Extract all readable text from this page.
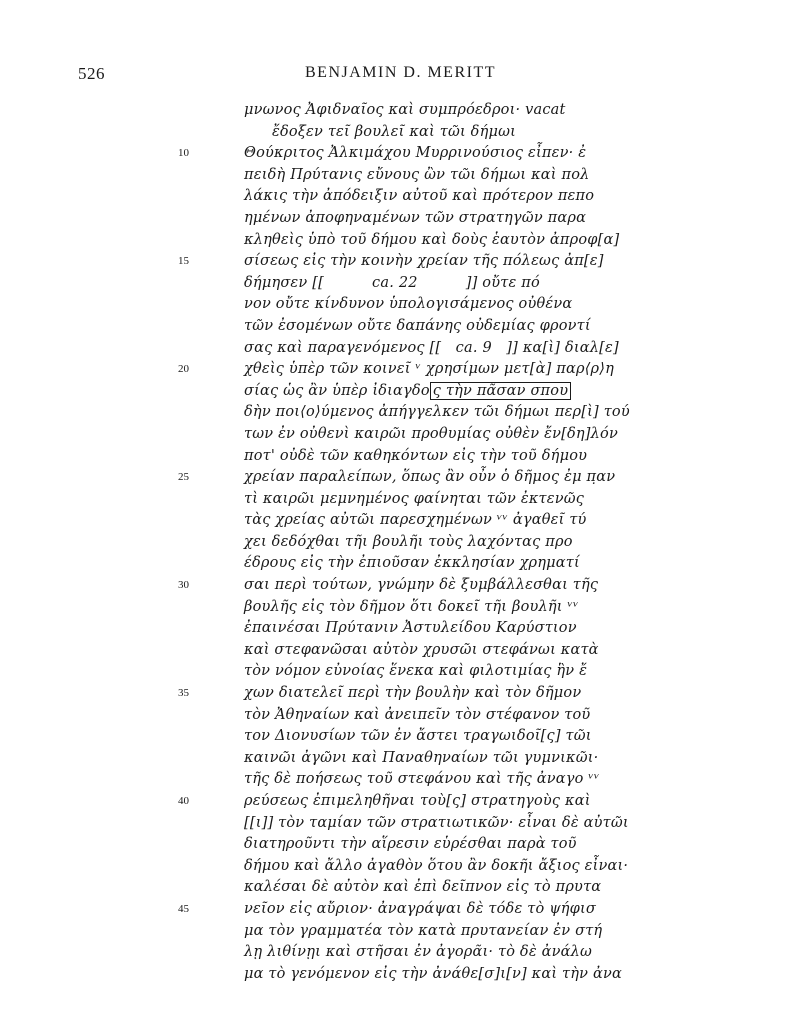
526	BENJAMIN D. MERITT
μνωνος Ἀφιδναῖος καὶ συμπρόεδροι· vacat
ἔδοξεν τεῖ βουλεῖ καὶ τῶι δήμωι
10	Θούκριτος Ἀλκιμάχου Μυρρινούσιος εἶπεν· ἐ
πειδὴ Πρύτανις εὔνους ὢν τῶι δήμωι καὶ πολ
λάκις τὴν ἀπόδειξιν αὐτοῦ καὶ πρότερον πεπο
ημένων ἀποφηναμένων τῶν στρατηγῶν παρα
κληθεὶς ὑπὸ τοῦ δήμου καὶ δοὺς ἑαυτὸν ἀπροφ[α]
15	σίσεως εἰς τὴν κοινὴν χρείαν τῆς πόλεως ἀπ[ε]
δήμησεν [[          ca. 22          ]] οὔτε πό
νον οὔτε κίνδυνον ὑπολογισάμενος οὐθένα
τῶν ἐσομένων οὔτε δαπάνης οὐδεμίας φροντί
σας καὶ παραγενόμενος [[   ca. 9   ]] κα[ὶ] διαλ[ε]
20	χθεὶς ὑπὲρ τῶν κοινεῖ ᵛ χρησίμων μετ[ὰ] παρ⟨ρ⟩η
σίας ὡς ἂν ὑπὲρ ἰδιαγδο ς τὴν πᾶσαν σπου
δὴν ποι⟨ο⟩ύμενος ἀπήγγελκεν τῶι δήμωι περ[ὶ] τού
των ἐν οὐθενὶ καιρῶι προθυμίας οὐθὲν ἔν[δη]λόν
ποτ' οὐδὲ τῶν καθηκόντων εἰς τὴν τοῦ δήμου
25	χρείαν παραλείπων, ὅπως ἂν οὖν ὁ δῆμος ἐμ π̣αν
τὶ καιρῶι μεμνημένος φαίνηται τῶν ἐκτενῶς
τὰς χρείας αὐτῶι παρεσχημένων ᵛᵛ ἀγαθεῖ τύ
χει δεδόχθαι τῆι βουλῆι τοὺς λαχόντας προ
έδρους εἰς τὴν ἐπιοῦσαν ἐκκλησίαν χρηματί
30	σαι περὶ τούτων, γνώμην δὲ ξυμβάλλεσθαι τῆς
βουλῆς εἰς τὸν δῆμον ὅτι δοκεῖ τῆι βουλῆι ᵛᵛ
ἐπαινέσαι Πρύτανιν Ἀστυλείδου Καρύστιον
καὶ στεφανῶσαι αὐτὸν χρυσῶι στεφάνωι κατὰ
τὸν νόμον εὐνοίας ἕνεκα καὶ φιλοτιμίας ἣν ἔ
35	χων διατελεῖ περὶ τὴν βουλὴν καὶ τὸν δῆμον
τὸν Ἀθηναίων καὶ ἀνειπεῖν τὸν στέφανον τοῦ
τον Διονυσίων τῶν ἐν ἄστει τραγωιδοῖ[ς] τῶι
καινῶι ἀγῶνι καὶ Παναθηναίων τῶι γυμνικῶι·
τῆς δὲ ποήσεως τοῦ στεφάνου καὶ τῆς ἀναγο ᵛᵛ
40	ρεύσεως ἐπιμεληθῆναι τοὺ[ς] στρατηγοὺς καὶ
[[ι]] τὸν ταμίαν τῶν στρατιωτικῶν· εἶναι δὲ αὐτῶι
διατηροῦντι τὴν αἵρεσιν εὑρέσθαι παρὰ τοῦ
δήμου καὶ ἄλλο ἀγαθὸν ὅτου ἂν δοκῆι ἄξιος εἶναι·
καλέσαι δὲ αὐτὸν καὶ ἐπὶ δεῖπνον εἰς τὸ πρυτα
45	νεῖον εἰς αὔριον· ἀναγράψαι δὲ τόδε τὸ ψήφισ
μα τὸν γραμματέα τὸν κατὰ πρυτανείαν ἐν στή
λῃ λιθίνῃι καὶ στῆσαι ἐν ἀγορᾶι· τὸ δὲ ἀνάλω
μα τὸ γενόμενον εἰς τὴν ἀνάθε[σ]ι[ν] καὶ τὴν ἀνα
